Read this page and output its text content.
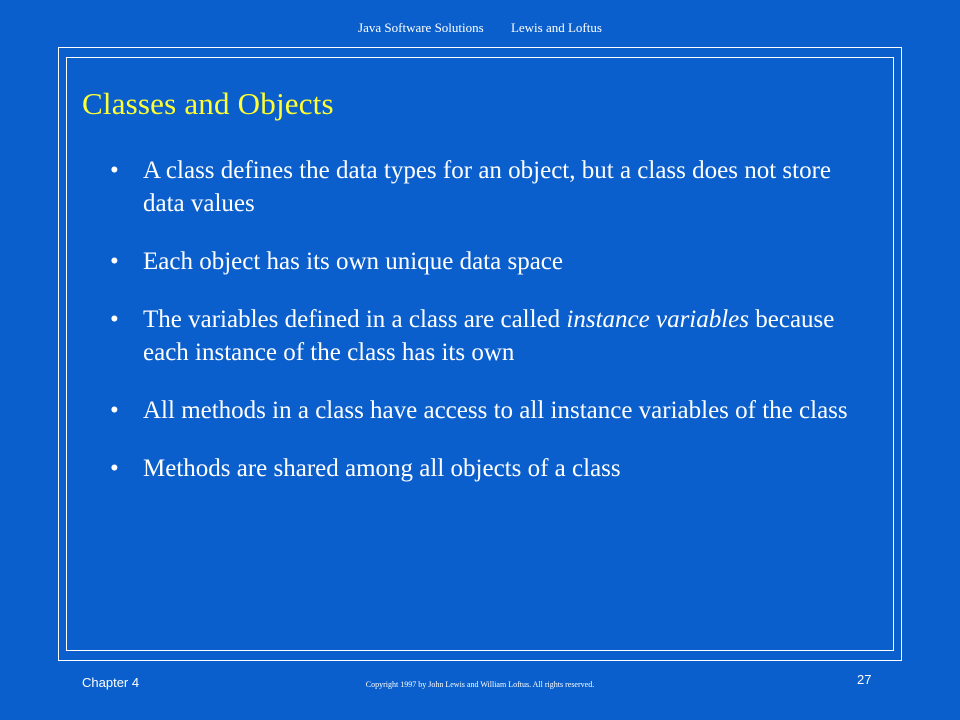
Java Software Solutions Lewis and Loftus
Classes and Objects
• A class defines the data types for an object, but a class does not store data values
• Each object has its own unique data space
• The variables defined in a class are called instance variables because each instance of the class has its own
• All methods in a class have access to all instance variables of the class
• Methods are shared among all objects of a class
Chapter 4	Copyright 1997 by John Lewis and William Loftus. All rights reserved.	27
